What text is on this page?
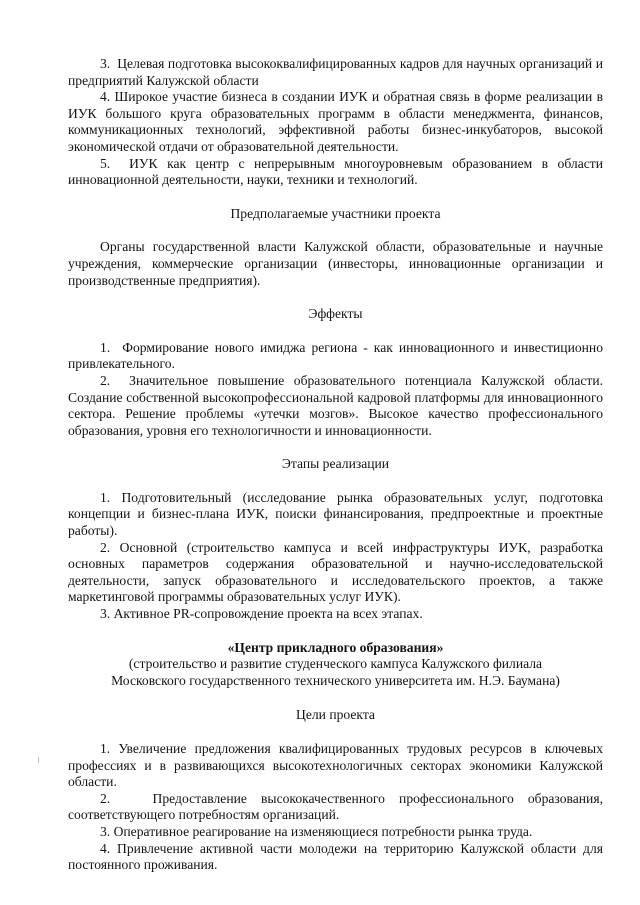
3.  Целевая подготовка высококвалифицированных кадров для научных организаций и предприятий Калужской области

4. Широкое участие бизнеса в создании ИУК и обратная связь в форме реализации в ИУК большого круга образовательных программ в области менеджмента, финансов, коммуникационных технологий, эффективной работы бизнес-инкубаторов, высокой экономической отдачи от образовательной деятельности.

5.  ИУК как центр с непрерывным многоуровневым образованием в области инновационной деятельности, науки, техники и технологий.

Предполагаемые участники проекта

Органы государственной власти Калужской области, образовательные и научные учреждения, коммерческие организации (инвесторы, инновационные организации и производственные предприятия).

Эффекты

1.  Формирование нового имиджа региона - как инновационного и инвестиционно привлекательного.

2.  Значительное повышение образовательного потенциала Калужской области. Создание собственной высокопрофессиональной кадровой платформы для инновационного сектора. Решение проблемы «утечки мозгов». Высокое качество профессионального образования, уровня его технологичности и инновационности.

Этапы реализации

1. Подготовительный (исследование рынка образовательных услуг, подготовка концепции и бизнес-плана ИУК, поиски финансирования, предпроектные и проектные работы).

2. Основной (строительство кампуса и всей инфраструктуры ИУК, разработка основных параметров содержания образовательной и научно-исследовательской деятельности, запуск образовательного и исследовательского проектов, а также маркетинговой программы образовательных услуг ИУК).

3. Активное PR-сопровождение проекта на всех этапах.

«Центр прикладного образования»

(строительство и развитие студенческого кампуса Калужского филиала

Московского государственного технического университета им. Н.Э. Баумана)

Цели проекта

1. Увеличение предложения квалифицированных трудовых ресурсов в ключевых профессиях и в развивающихся высокотехнологичных секторах экономики Калужской области.

2.   Предоставление высококачественного профессионального образования, соответствующего потребностям организаций.

3. Оперативное реагирование на изменяющиеся потребности рынка труда.

4. Привлечение активной части молодежи на территорию Калужской области для постоянного проживания.
